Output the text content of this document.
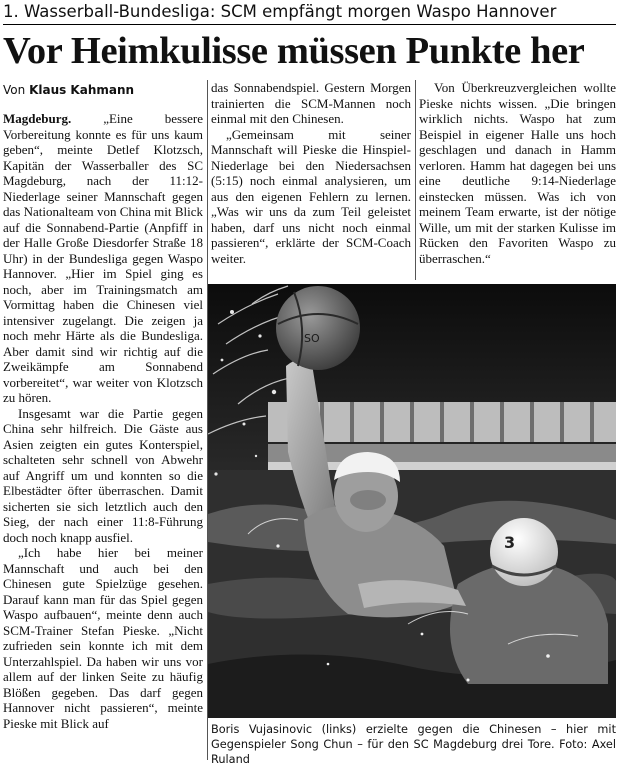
1. Wasserball-Bundesliga: SCM empfängt morgen Waspo Hannover
Vor Heimkulisse müssen Punkte her
Von Klaus Kahmann

Magdeburg. „Eine bessere Vorbereitung konnte es für uns kaum geben“, meinte Detlef Klotzsch, Kapitän der Wasserballer des SC Magdeburg, nach der 11:12-Niederlage seiner Mannschaft gegen das Nationalteam von China mit Blick auf die Sonnabend-Partie (Anpfiff in der Halle Große Diesdorfer Straße 18 Uhr) in der Bundesliga gegen Waspo Hannover. „Hier im Spiel ging es noch, aber im Trainingsmatch am Vormittag haben die Chinesen viel intensiver zugelangt. Die zeigen ja noch mehr Härte als die Bundesliga. Aber damit sind wir richtig auf die Zweikämpfe am Sonnabend vorbereitet“, war weiter von Klotzsch zu hören.

Insgesamt war die Partie gegen China sehr hilfreich. Die Gäste aus Asien zeigten ein gutes Konterspiel, schalteten sehr schnell von Abwehr auf Angriff um und konnten so die Elbestädter öfter überraschen. Damit sicherten sie sich letztlich auch den Sieg, der nach einer 11:8-Führung doch noch knapp ausfiel.

„Ich habe hier bei meiner Mannschaft und auch bei den Chinesen gute Spielzüge gesehen. Darauf kann man für das Spiel gegen Waspo aufbauen“, meinte denn auch SCM-Trainer Stefan Pieske. „Nicht zufrieden sein konnte ich mit dem Unterzahlspiel. Da haben wir uns vor allem auf der linken Seite zu häufig Blößen gegeben. Das darf gegen Hannover nicht passieren“, meinte Pieske mit Blick auf

das Sonnabendspiel. Gestern Morgen trainierten die SCM-Mannen noch einmal mit den Chinesen.

„Gemeinsam mit seiner Mannschaft will Pieske die Hinspiel-Niederlage bei den Niedersachsen (5:15) noch einmal analysieren, um aus den eigenen Fehlern zu lernen. „Was wir uns da zum Teil geleistet haben, darf uns nicht noch einmal passieren“, erklärte der SCM-Coach weiter.

Von Überkreuzvergleichen wollte Pieske nichts wissen. „Die bringen wirklich nichts. Waspo hat zum Beispiel in eigener Halle uns hoch geschlagen und danach in Hamm verloren. Hamm hat dagegen bei uns eine deutliche 9:14-Niederlage einstecken müssen. Was ich von meinem Team erwarte, ist der nötige Wille, um mit der starken Kulisse im Rücken den Favoriten Waspo zu überraschen.“

SO
3
Boris Vujasinovic (links) erzielte gegen die Chinesen – hier mit Gegenspieler Song Chun – für den SC Magdeburg drei Tore. Foto: Axel Ruland
